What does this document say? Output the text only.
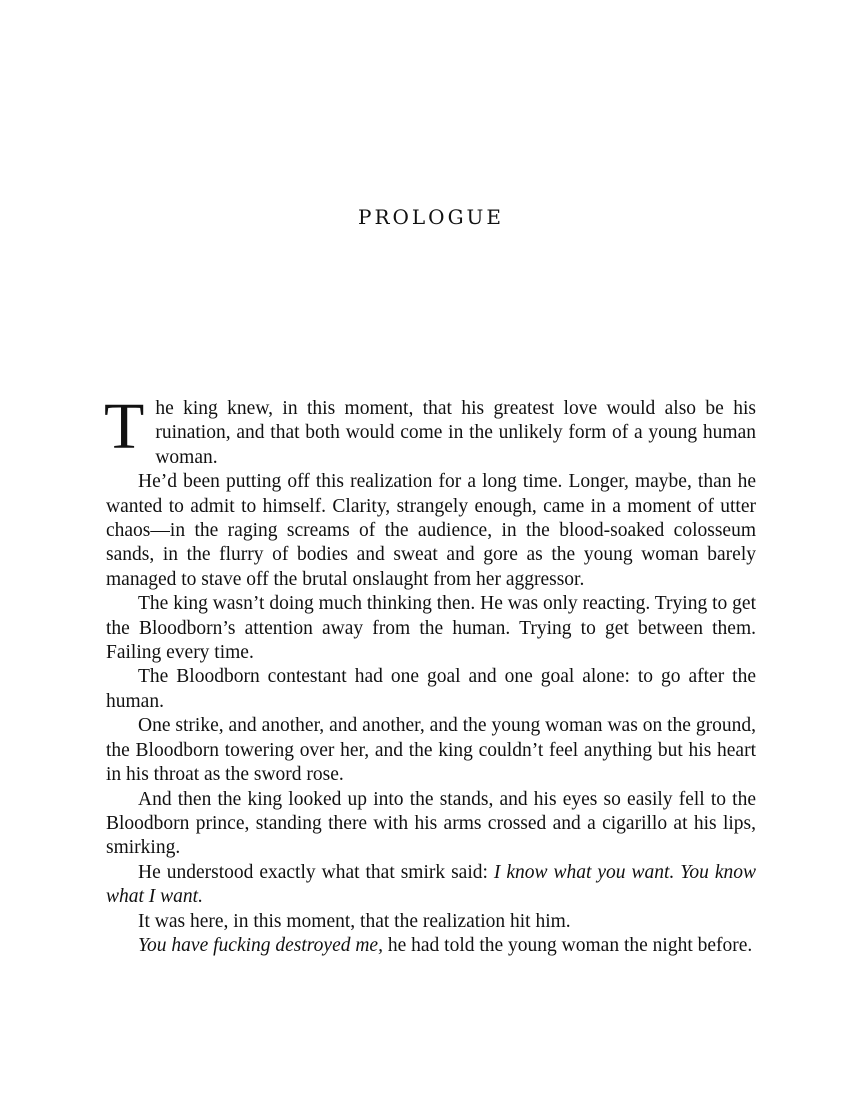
PROLOGUE

The king knew, in this moment, that his greatest love would also be his ruination, and that both would come in the unlikely form of a young human woman.

He’d been putting off this realization for a long time. Longer, maybe, than he wanted to admit to himself. Clarity, strangely enough, came in a moment of utter chaos—in the raging screams of the audience, in the blood-soaked colosseum sands, in the flurry of bodies and sweat and gore as the young woman barely managed to stave off the brutal onslaught from her aggressor.

The king wasn’t doing much thinking then. He was only reacting. Trying to get the Bloodborn’s attention away from the human. Trying to get between them. Failing every time.

The Bloodborn contestant had one goal and one goal alone: to go after the human.

One strike, and another, and another, and the young woman was on the ground, the Bloodborn towering over her, and the king couldn’t feel anything but his heart in his throat as the sword rose.

And then the king looked up into the stands, and his eyes so easily fell to the Bloodborn prince, standing there with his arms crossed and a cigarillo at his lips, smirking.

He understood exactly what that smirk said: I know what you want. You know what I want.

It was here, in this moment, that the realization hit him.

You have fucking destroyed me, he had told the young woman the night before.
